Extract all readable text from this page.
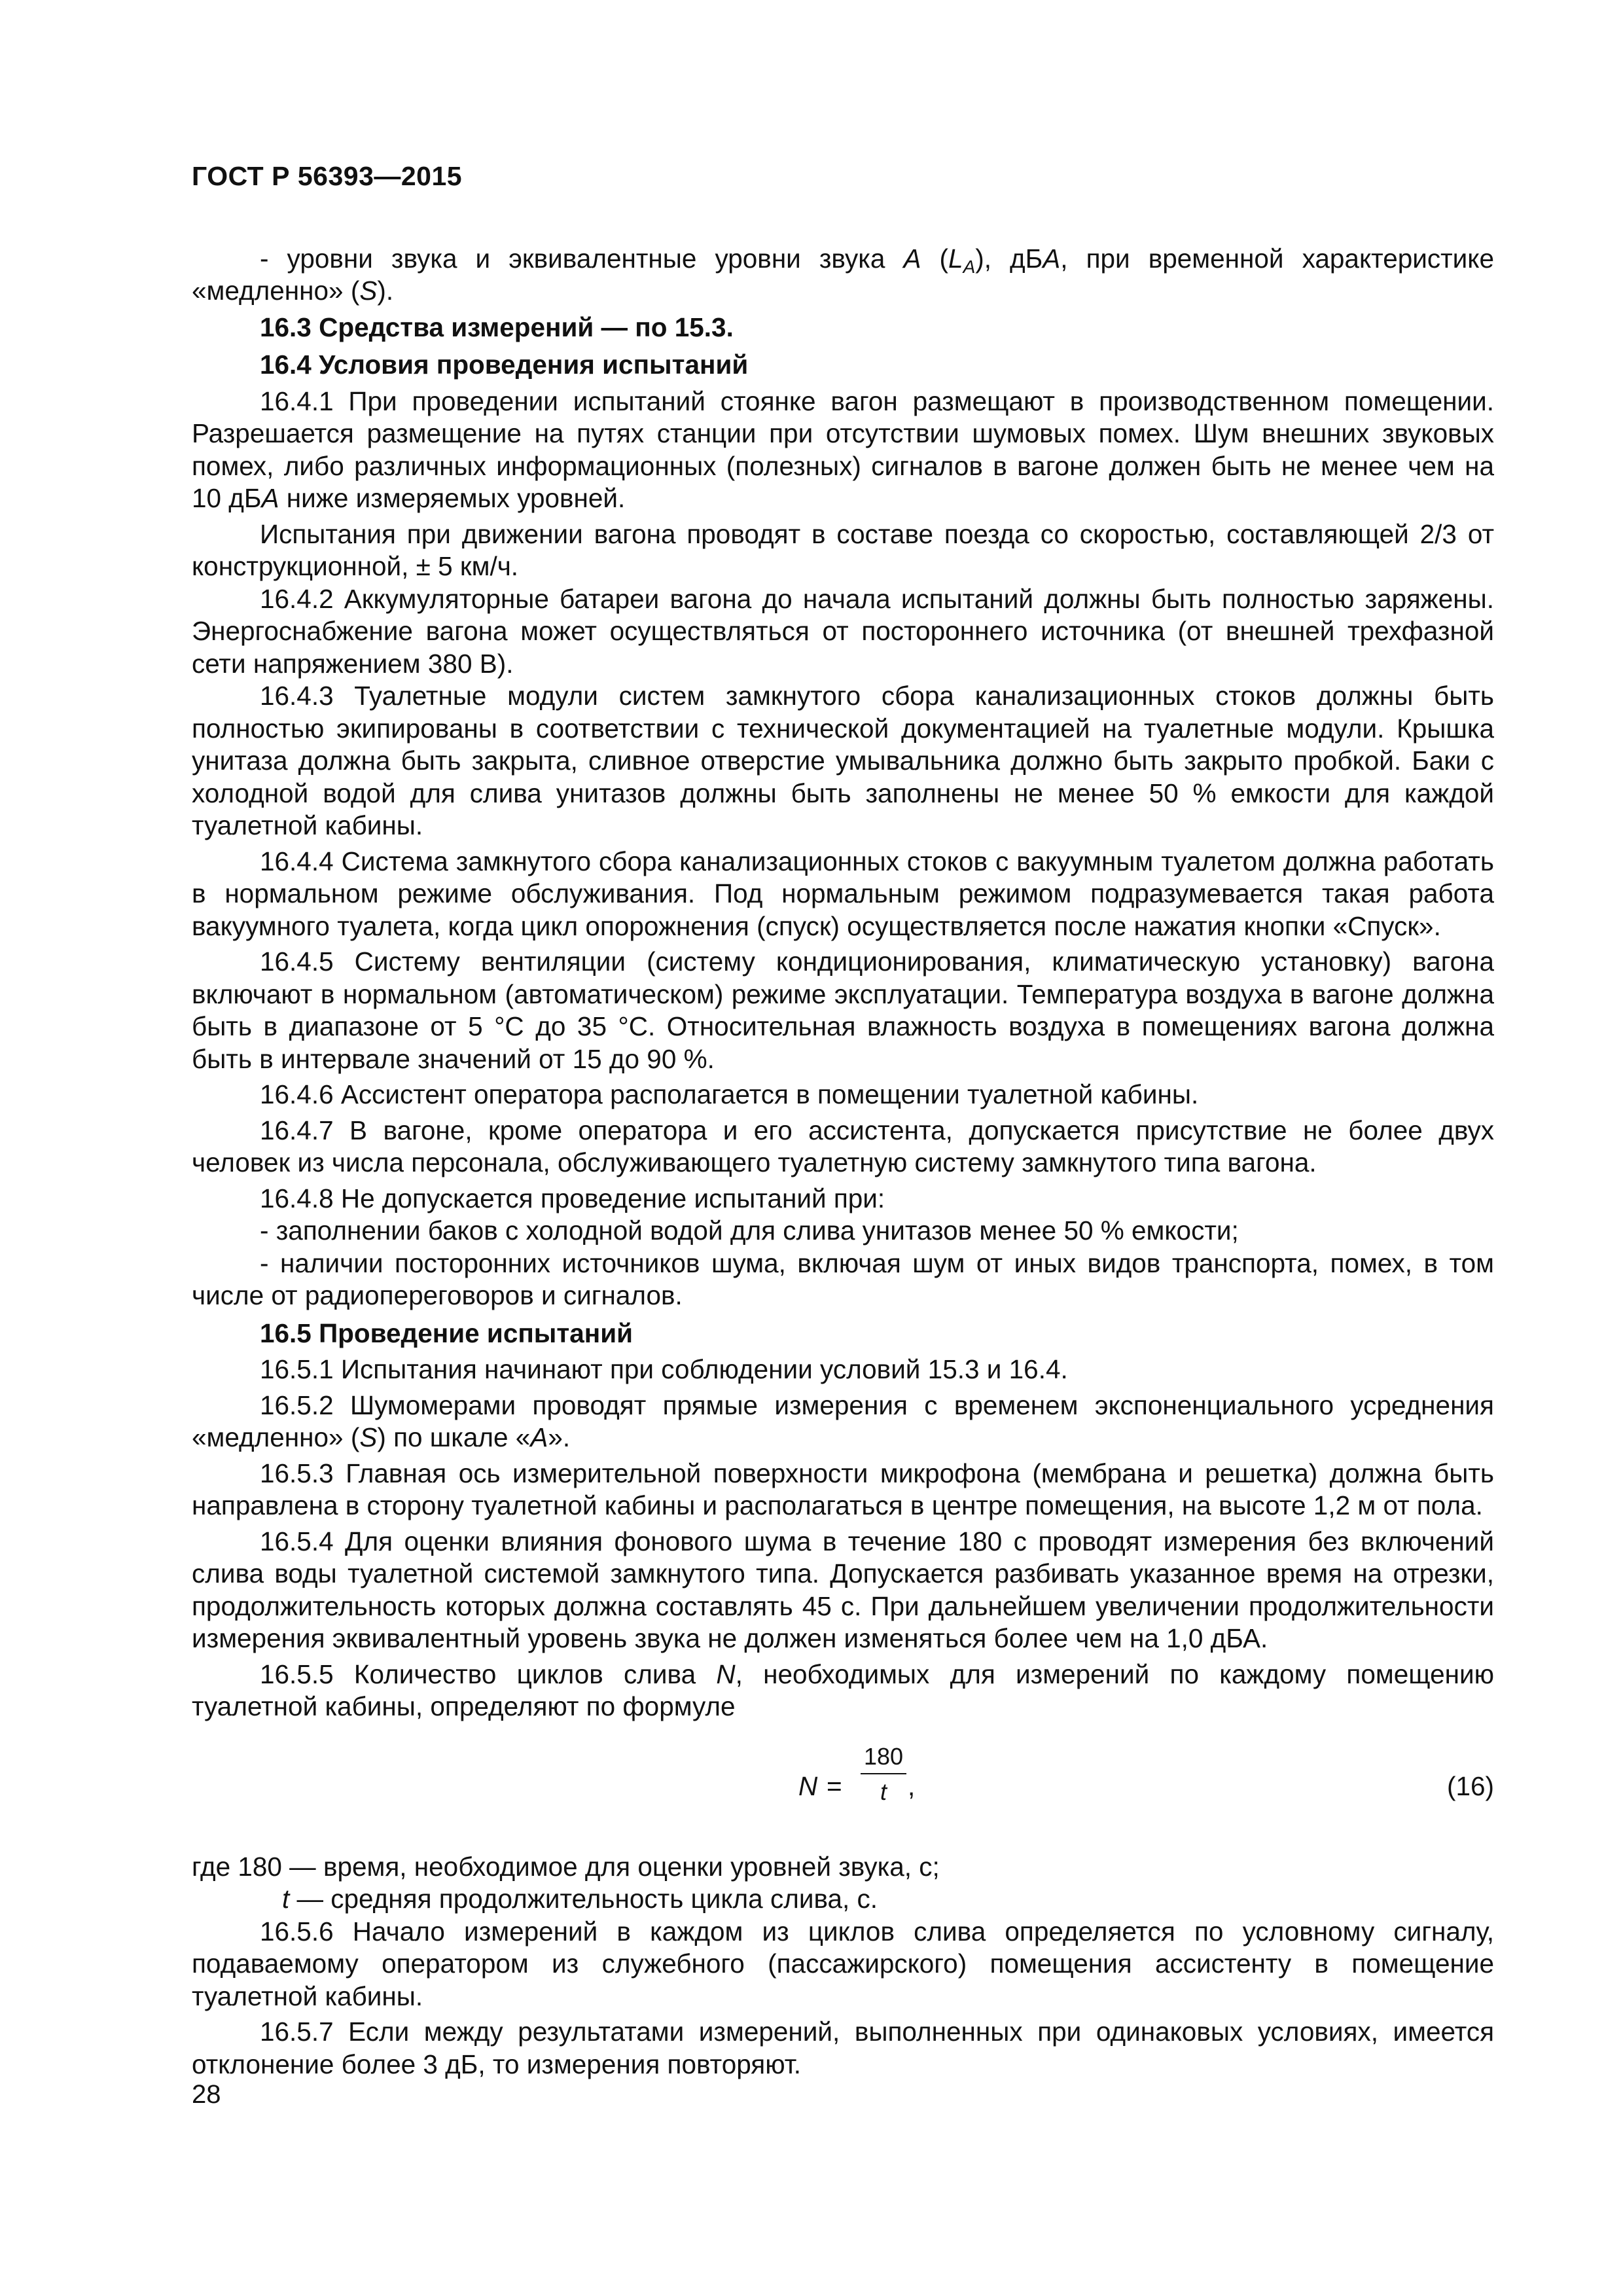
ГОСТ Р 56393—2015

- уровни звука и эквивалентные уровни звука A $(L_A)$, дБA, при временной характеристике «медленно» (S).

16.3 Средства измерений — по 15.3.

16.4 Условия проведения испытаний

16.4.1 При проведении испытаний стоянке вагон размещают в производственном помещении. Разрешается размещение на путях станции при отсутствии шумовых помех. Шум внешних звуковых помех, либо различных информационных (полезных) сигналов в вагоне должен быть не менее чем на 10 дБA ниже измеряемых уровней.

Испытания при движении вагона проводят в составе поезда со скоростью, составляющей 2/3 от конструкционной, ± 5 км/ч.

16.4.2 Аккумуляторные батареи вагона до начала испытаний должны быть полностью заряжены. Энергоснабжение вагона может осуществляться от постороннего источника (от внешней трехфазной сети напряжением 380 В).

16.4.3 Туалетные модули систем замкнутого сбора канализационных стоков должны быть полностью экипированы в соответствии с технической документацией на туалетные модули. Крышка унитаза должна быть закрыта, сливное отверстие умывальника должно быть закрыто пробкой. Баки с холодной водой для слива унитазов должны быть заполнены не менее 50 % емкости для каждой туалетной кабины.

16.4.4 Система замкнутого сбора канализационных стоков с вакуумным туалетом должна работать в нормальном режиме обслуживания. Под нормальным режимом подразумевается такая работа вакуумного туалета, когда цикл опорожнения (спуск) осуществляется после нажатия кнопки «Спуск».

16.4.5 Систему вентиляции (систему кондиционирования, климатическую установку) вагона включают в нормальном (автоматическом) режиме эксплуатации. Температура воздуха в вагоне должна быть в диапазоне от 5 °С до 35 °С. Относительная влажность воздуха в помещениях вагона должна быть в интервале значений от 15 до 90 %.

16.4.6 Ассистент оператора располагается в помещении туалетной кабины.

16.4.7 В вагоне, кроме оператора и его ассистента, допускается присутствие не более двух человек из числа персонала, обслуживающего туалетную систему замкнутого типа вагона.

16.4.8 Не допускается проведение испытаний при:

- заполнении баков с холодной водой для слива унитазов менее 50 % емкости;

- наличии посторонних источников шума, включая шум от иных видов транспорта, помех, в том числе от радиопереговоров и сигналов.

16.5 Проведение испытаний

16.5.1 Испытания начинают при соблюдении условий 15.3 и 16.4.

16.5.2 Шумомерами проводят прямые измерения с временем экспоненциального усреднения «медленно» (S) по шкале «A».

16.5.3 Главная ось измерительной поверхности микрофона (мембрана и решетка) должна быть направлена в сторону туалетной кабины и располагаться в центре помещения, на высоте 1,2 м от пола.

16.5.4 Для оценки влияния фонового шума в течение 180 с проводят измерения без включений слива воды туалетной системой замкнутого типа. Допускается разбивать указанное время на отрезки, продолжительность которых должна составлять 45 с. При дальнейшем увеличении продолжительности измерения эквивалентный уровень звука не должен изменяться более чем на 1,0 дБА.

16.5.5 Количество циклов слива N, необходимых для измерений по каждому помещению туалетной кабины, определяют по формуле

N =
180
t ,	(16)

где 180 — время, необходимое для оценки уровней звука, с;

t — средняя продолжительность цикла слива, с.

16.5.6 Начало измерений в каждом из циклов слива определяется по условному сигналу, подаваемому оператором из служебного (пассажирского) помещения ассистенту в помещение туалетной кабины.

16.5.7 Если между результатами измерений, выполненных при одинаковых условиях, имеется отклонение более 3 дБ, то измерения повторяют.

28
